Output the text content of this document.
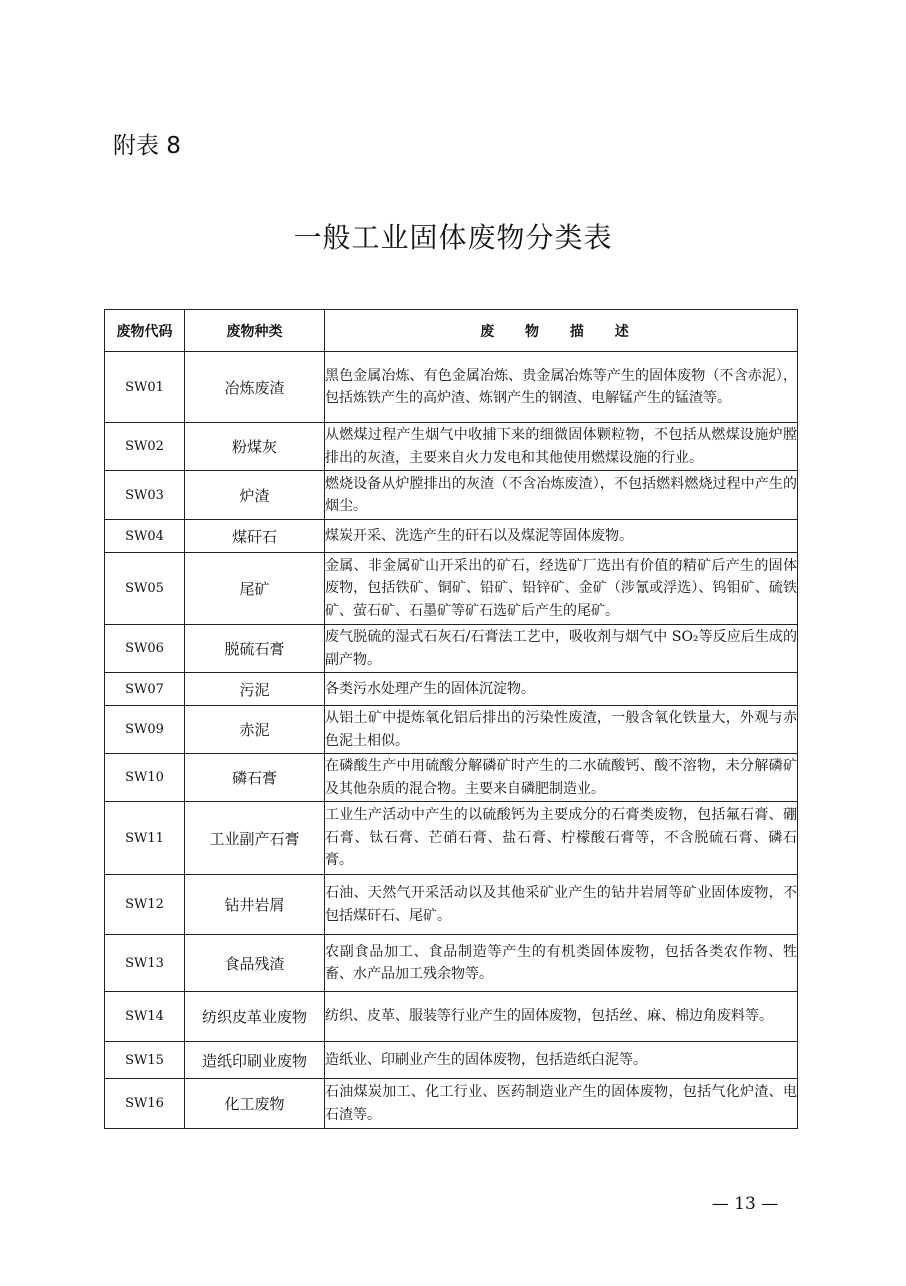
附表 8
一般工业固体废物分类表
废物代码	废物种类	废 物 描 述
SW01	冶炼废渣	黑色金属冶炼、有色金属冶炼、贵金属冶炼等产生的固体废物（不含赤泥），包括炼铁产生的高炉渣、炼钢产生的钢渣、电解锰产生的锰渣等。
SW02	粉煤灰	从燃煤过程产生烟气中收捕下来的细微固体颗粒物，不包括从燃煤设施炉膛排出的灰渣，主要来自火力发电和其他使用燃煤设施的行业。
SW03	炉渣	燃烧设备从炉膛排出的灰渣（不含冶炼废渣），不包括燃料燃烧过程中产生的烟尘。
SW04	煤矸石	煤炭开采、洗选产生的矸石以及煤泥等固体废物。
SW05	尾矿	金属、非金属矿山开采出的矿石，经选矿厂选出有价值的精矿后产生的固体废物，包括铁矿、铜矿、铅矿、铅锌矿、金矿（涉氰或浮选）、钨钼矿、硫铁矿、萤石矿、石墨矿等矿石选矿后产生的尾矿。
SW06	脱硫石膏	废气脱硫的湿式石灰石/石膏法工艺中，吸收剂与烟气中 SO₂等反应后生成的副产物。
SW07	污泥	各类污水处理产生的固体沉淀物。
SW09	赤泥	从铝土矿中提炼氧化铝后排出的污染性废渣，一般含氧化铁量大，外观与赤色泥土相似。
SW10	磷石膏	在磷酸生产中用硫酸分解磷矿时产生的二水硫酸钙、酸不溶物，未分解磷矿及其他杂质的混合物。主要来自磷肥制造业。
SW11	工业副产石膏	工业生产活动中产生的以硫酸钙为主要成分的石膏类废物，包括氟石膏、硼石膏、钛石膏、芒硝石膏、盐石膏、柠檬酸石膏等，不含脱硫石膏、磷石膏。
SW12	钻井岩屑	石油、天然气开采活动以及其他采矿业产生的钻井岩屑等矿业固体废物，不包括煤矸石、尾矿。
SW13	食品残渣	农副食品加工、食品制造等产生的有机类固体废物，包括各类农作物、牲畜、水产品加工残余物等。
SW14	纺织皮革业废物	纺织、皮革、服装等行业产生的固体废物，包括丝、麻、棉边角废料等。
SW15	造纸印刷业废物	造纸业、印刷业产生的固体废物，包括造纸白泥等。
SW16	化工废物	石油煤炭加工、化工行业、医药制造业产生的固体废物，包括气化炉渣、电石渣等。
— 13 —
